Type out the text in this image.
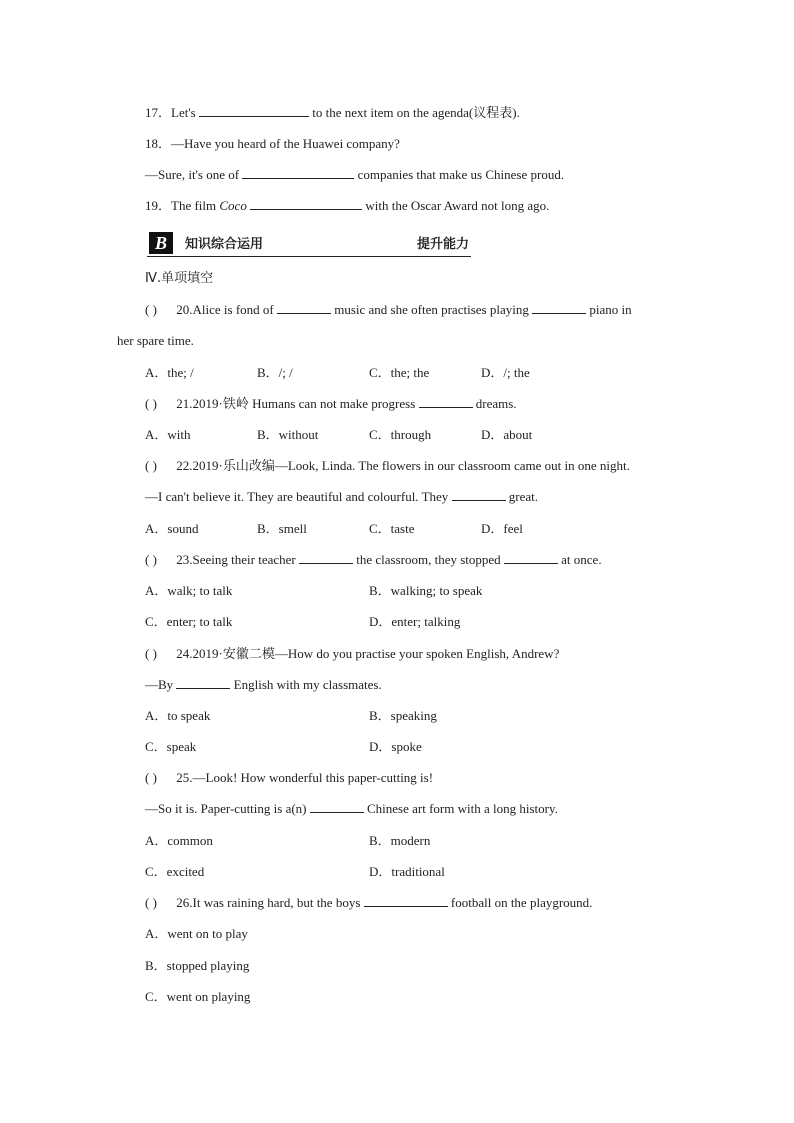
17．Let's	to the next item on the agenda(议程表).
18．—Have you heard of the Huawei company?
—Sure, it's one of	companies that make us Chinese proud.
19．The film Coco	with the Oscar Award not long ago.
B	知识综合运用	提升能力
Ⅳ.单项填空
( ) 20.Alice is fond of	music and she often practises playing	piano in
her spare time.
A．the; /	B．/; /	C．the; the	D．/; the
( ) 21.2019·铁岭 Humans can not make progress	dreams.
A．with	B．without	C．through	D．about
( ) 22.2019·乐山改编—Look, Linda. The flowers in our classroom came out in one night.
—I can't believe it. They are beautiful and colourful. They	great.
A．sound	B．smell	C．taste	D．feel
( ) 23.Seeing their teacher	the classroom, they stopped	at once.
A．walk; to talk	B．walking; to speak
C．enter; to talk	D．enter; talking
( ) 24.2019·安徽二模—How do you practise your spoken English, Andrew?
—By	English with my classmates.
A．to speak	B．speaking
C．speak	D．spoke
( ) 25.—Look! How wonderful this paper-cutting is!
—So it is. Paper-cutting is a(n)	Chinese art form with a long history.
A．common	B．modern
C．excited	D．traditional
( ) 26.It was raining hard, but the boys	football on the playground.
A．went on to play
B．stopped playing
C．went on playing
